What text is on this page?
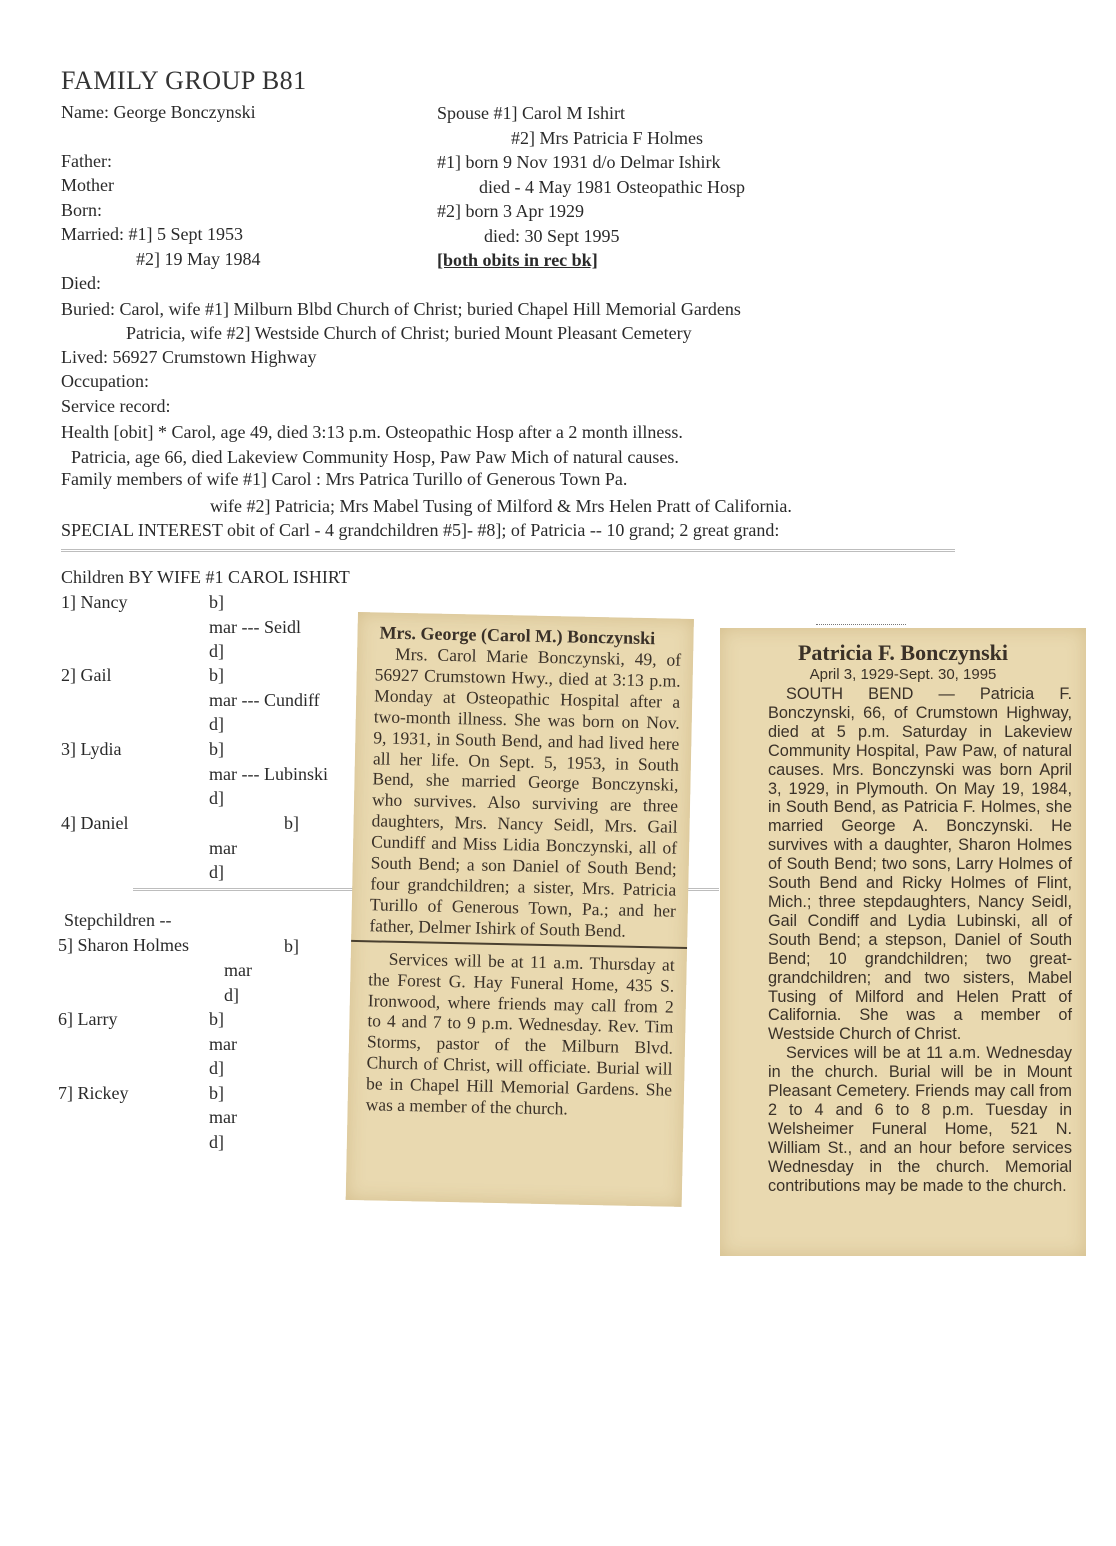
FAMILY GROUP B81
Name: George Bonczynski
Father:
Mother
Born:
Married: #1] 5 Sept 1953
#2] 19 May 1984
Died:
Spouse #1] Carol M Ishirt
#2] Mrs Patricia F Holmes
#1] born 9 Nov 1931 d/o Delmar Ishirk
died - 4 May 1981 Osteopathic Hosp
#2] born 3 Apr 1929
died: 30 Sept 1995
[both obits in rec bk]
Buried: Carol, wife #1] Milburn Blbd Church of Christ; buried Chapel Hill Memorial Gardens
Patricia, wife #2] Westside Church of Christ; buried Mount Pleasant Cemetery
Lived: 56927 Crumstown Highway
Occupation:
Service record:
Health [obit] * Carol, age 49, died 3:13 p.m. Osteopathic Hosp after a 2 month illness.
Patricia, age 66, died Lakeview Community Hosp, Paw Paw Mich of natural causes.
Family members of wife #1] Carol : Mrs Patrica Turillo of Generous Town Pa.
wife #2] Patricia; Mrs Mabel Tusing of Milford & Mrs Helen Pratt of California.
SPECIAL INTEREST obit of Carl - 4 grandchildren #5]- #8]; of Patricia -- 10 grand; 2 great grand:
Children BY WIFE #1 CAROL ISHIRT
1] Nancy	b]
mar --- Seidl
d]
2] Gail	b]
mar --- Cundiff
d]
3] Lydia	b]
mar --- Lubinski
d]
4] Daniel	b]
mar
d]
Stepchildren --
5] Sharon Holmes	b]
mar
d]
6] Larry	b]
mar
d]
7] Rickey	b]
mar
d]

Mrs. George (Carol M.) Bonczynski

Mrs. Carol Marie Bonczynski, 49, of 56927 Crumstown Hwy., died at 3:13 p.m. Monday at Osteopathic Hospital after a two-month illness. She was born on Nov. 9, 1931, in South Bend, and had lived here all her life. On Sept. 5, 1953, in South Bend, she married George Bonczynski, who survives. Also surviving are three daughters, Mrs. Nancy Seidl, Mrs. Gail Cundiff and Miss Lidia Bonczynski, all of South Bend; a son Daniel of South Bend; four grandchildren; a sister, Mrs. Patricia Turillo of Generous Town, Pa.; and her father, Delmer Ishirk of South Bend.

Services will be at 11 a.m. Thursday at the Forest G. Hay Funeral Home, 435 S. Ironwood, where friends may call from 2 to 4 and 7 to 9 p.m. Wednesday. Rev. Tim Storms, pastor of the Milburn Blvd. Church of Christ, will officiate. Burial will be in Chapel Hill Memorial Gardens. She was a member of the church.

Patricia F. Bonczynski

April 3, 1929-Sept. 30, 1995

SOUTH BEND — Patricia F. Bonczynski, 66, of Crumstown Highway, died at 5 p.m. Saturday in Lakeview Community Hospital, Paw Paw, of natural causes. Mrs. Bonczynski was born April 3, 1929, in Plymouth. On May 19, 1984, in South Bend, as Patricia F. Holmes, she married George A. Bonczynski. He survives with a daughter, Sharon Holmes of South Bend; two sons, Larry Holmes of South Bend and Ricky Holmes of Flint, Mich.; three stepdaughters, Nancy Seidl, Gail Condiff and Lydia Lubinski, all of South Bend; a stepson, Daniel of South Bend; 10 grandchildren; two great-grandchildren; and two sisters, Mabel Tusing of Milford and Helen Pratt of California. She was a member of Westside Church of Christ.

Services will be at 11 a.m. Wednesday in the church. Burial will be in Mount Pleasant Cemetery. Friends may call from 2 to 4 and 6 to 8 p.m. Tuesday in Welsheimer Funeral Home, 521 N. William St., and an hour before services Wednesday in the church. Memorial contributions may be made to the church.
